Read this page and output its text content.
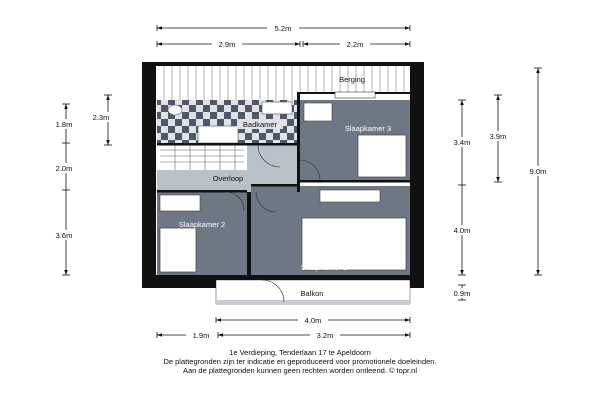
5.2m
2.9m	2.2m
1.8m
2.3m
2.0m
3.6m
3.4m
3.9m
9.0m
4.0m
0.9m
4.0m
1.9m	3.2m
Berging
Badkamer	Slaapkamer 3
Overloop
Slaapkamer 2
Slaapkamer 1
Balkon
1e Verdieping, Tenderlaan 17 te Apeldoorn
De plattegronden zijn ter indicatie en geproduceerd voor promotionele doeleinden.
Aan de plattegronden kunnen geen rechten worden ontleend. © topr.nl
